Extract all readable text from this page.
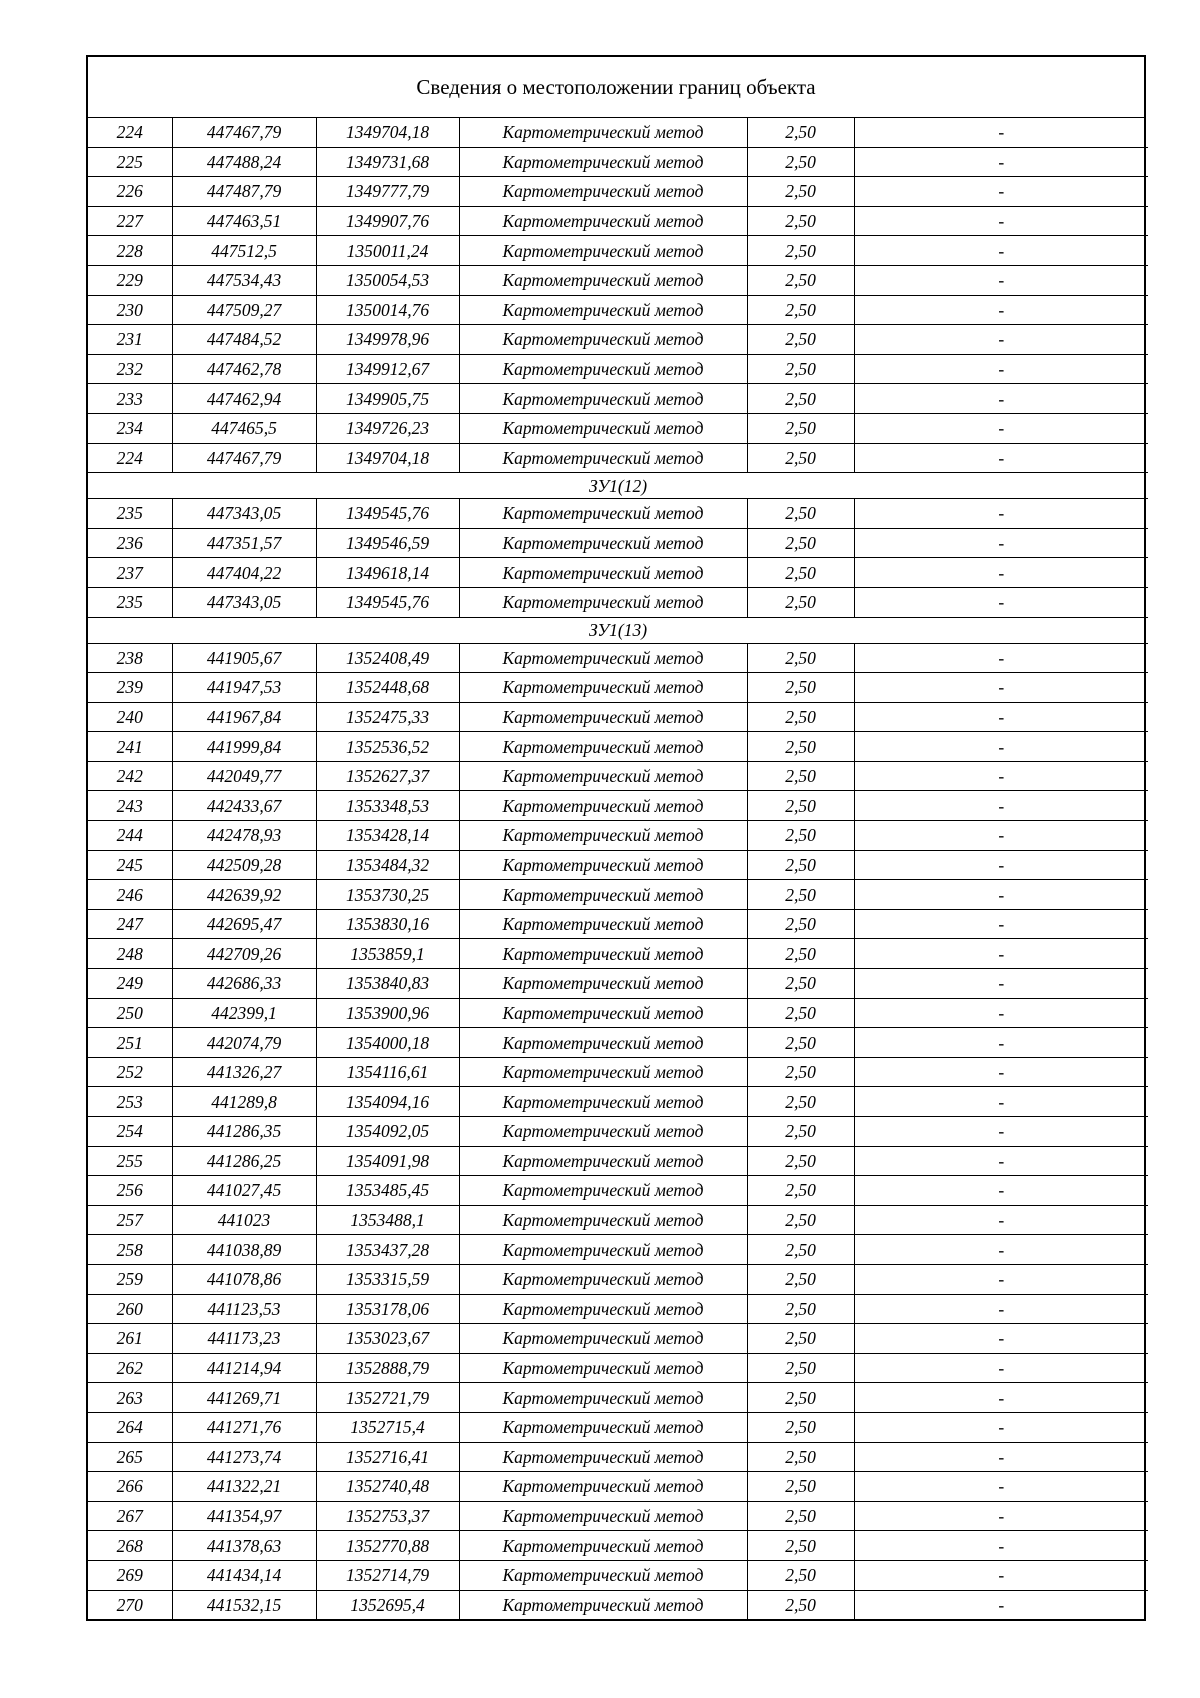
Сведения о местоположении границ объекта
224	447467,79	1349704,18	Картометрический метод	2,50	-
225	447488,24	1349731,68	Картометрический метод	2,50	-
226	447487,79	1349777,79	Картометрический метод	2,50	-
227	447463,51	1349907,76	Картометрический метод	2,50	-
228	447512,5	1350011,24	Картометрический метод	2,50	-
229	447534,43	1350054,53	Картометрический метод	2,50	-
230	447509,27	1350014,76	Картометрический метод	2,50	-
231	447484,52	1349978,96	Картометрический метод	2,50	-
232	447462,78	1349912,67	Картометрический метод	2,50	-
233	447462,94	1349905,75	Картометрический метод	2,50	-
234	447465,5	1349726,23	Картометрический метод	2,50	-
224	447467,79	1349704,18	Картометрический метод	2,50	-
ЗУ1(12)					
235	447343,05	1349545,76	Картометрический метод	2,50	-
236	447351,57	1349546,59	Картометрический метод	2,50	-
237	447404,22	1349618,14	Картометрический метод	2,50	-
235	447343,05	1349545,76	Картометрический метод	2,50	-
ЗУ1(13)					
238	441905,67	1352408,49	Картометрический метод	2,50	-
239	441947,53	1352448,68	Картометрический метод	2,50	-
240	441967,84	1352475,33	Картометрический метод	2,50	-
241	441999,84	1352536,52	Картометрический метод	2,50	-
242	442049,77	1352627,37	Картометрический метод	2,50	-
243	442433,67	1353348,53	Картометрический метод	2,50	-
244	442478,93	1353428,14	Картометрический метод	2,50	-
245	442509,28	1353484,32	Картометрический метод	2,50	-
246	442639,92	1353730,25	Картометрический метод	2,50	-
247	442695,47	1353830,16	Картометрический метод	2,50	-
248	442709,26	1353859,1	Картометрический метод	2,50	-
249	442686,33	1353840,83	Картометрический метод	2,50	-
250	442399,1	1353900,96	Картометрический метод	2,50	-
251	442074,79	1354000,18	Картометрический метод	2,50	-
252	441326,27	1354116,61	Картометрический метод	2,50	-
253	441289,8	1354094,16	Картометрический метод	2,50	-
254	441286,35	1354092,05	Картометрический метод	2,50	-
255	441286,25	1354091,98	Картометрический метод	2,50	-
256	441027,45	1353485,45	Картометрический метод	2,50	-
257	441023	1353488,1	Картометрический метод	2,50	-
258	441038,89	1353437,28	Картометрический метод	2,50	-
259	441078,86	1353315,59	Картометрический метод	2,50	-
260	441123,53	1353178,06	Картометрический метод	2,50	-
261	441173,23	1353023,67	Картометрический метод	2,50	-
262	441214,94	1352888,79	Картометрический метод	2,50	-
263	441269,71	1352721,79	Картометрический метод	2,50	-
264	441271,76	1352715,4	Картометрический метод	2,50	-
265	441273,74	1352716,41	Картометрический метод	2,50	-
266	441322,21	1352740,48	Картометрический метод	2,50	-
267	441354,97	1352753,37	Картометрический метод	2,50	-
268	441378,63	1352770,88	Картометрический метод	2,50	-
269	441434,14	1352714,79	Картометрический метод	2,50	-
270	441532,15	1352695,4	Картометрический метод	2,50	-
